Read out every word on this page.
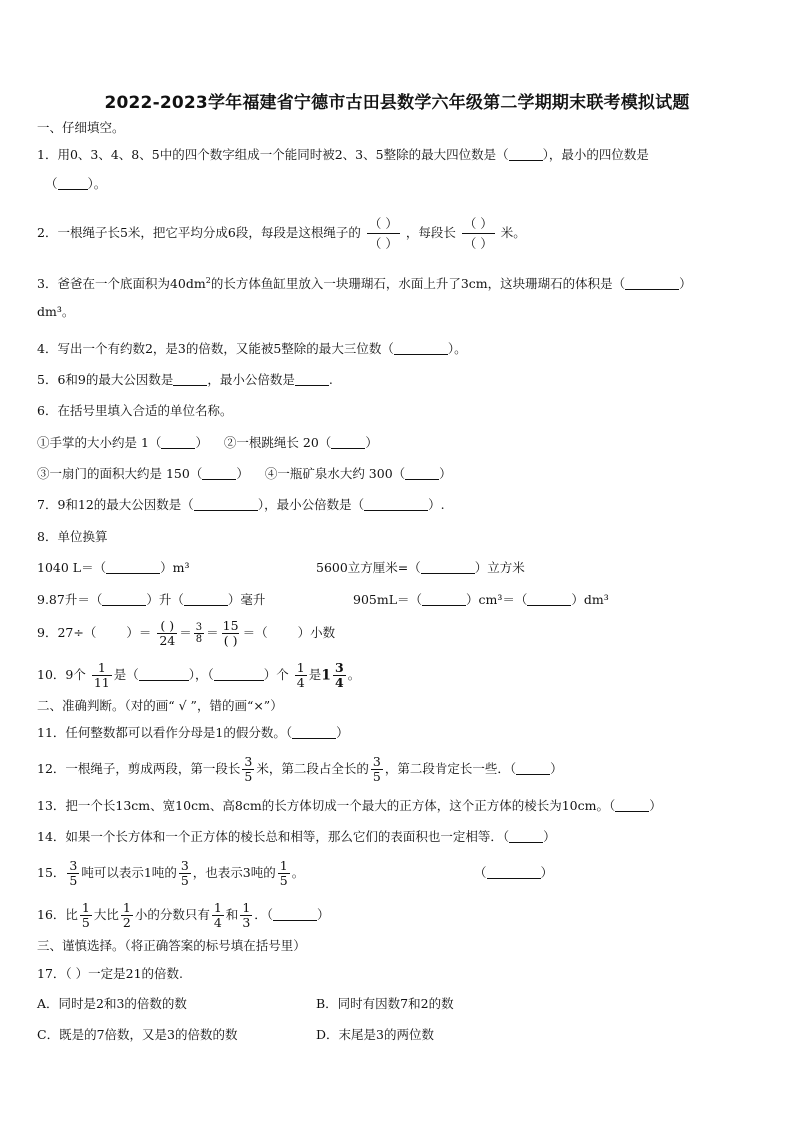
2022-2023学年福建省宁德市古田县数学六年级第二学期期末联考模拟试题
一、仔细填空。
1．用0、3、4、8、5中的四个数字组成一个能同时被2、3、5整除的最大四位数是（	），最小的四位数是
（ ）。
2．一根绳子长5米，把它平均分成6段，每段是这根绳子的 $\frac{( )}{( )}$ ，每段长 $\frac{( )}{( )}$ 米。
3．爸爸在一个底面积为$40dm^2$的长方体鱼缸里放入一块珊瑚石，水面上升了3cm，这块珊瑚石的体积是（	）
dm³。
4．写出一个有约数2，是3的倍数，又能被5整除的最大三位数（	）。
5．6和9的最大公因数是	，最小公倍数是	.
6．在括号里填入合适的单位名称。
①手掌的大小约是 1（	） ②一根跳绳长 20（	）
③一扇门的面积大约是 150（	） ④一瓶矿泉水大约 300（	）
7．9和12的最大公因数是（	），最小公倍数是（	）.
8．单位换算
1040 L＝（	）m³	5600立方厘米=（	）立方米
9.87升＝（	）升（	）毫升	905mL＝（	）cm³＝（	）dm³
9．27÷（ ）＝ $\frac{( )}{24} = \frac{3}{8} = \frac{15}{( )}$ ＝（ ）小数
10．9个 $\frac{1}{11}$ 是（	），（	）个 $\frac{1}{4}$ 是$1 \frac{3}{4}$ 。
二、准确判断。（对的画“ √ ”，错的画“×”）
11．任何整数都可以看作分母是1的假分数。（	）
12．一根绳子，剪成两段，第一段长 $\frac{3}{5}$ 米，第二段占全长的 $\frac{3}{5}$ ，第二段肯定长一些．（	）
13．把一个长13cm、宽10cm、高8cm的长方体切成一个最大的正方体，这个正方体的棱长为10cm。（	）
14．如果一个长方体和一个正方体的棱长总和相等，那么它们的表面积也一定相等．（	）
15． $\frac{3}{5}$ 吨可以表示1吨的 $\frac{3}{5}$ ，也表示3吨的 $\frac{1}{5}$ 。	（	）
16．比 $\frac{1}{5}$ 大比 $\frac{1}{2}$ 小的分数只有 $\frac{1}{4}$ 和 $\frac{1}{3}$ ．（	）
三、谨慎选择。（将正确答案的标号填在括号里）
17．（ ）一定是21的倍数.
A．同时是2和3的倍数的数	B．同时有因数7和2的数
C．既是的7倍数，又是3的倍数的数	D．末尾是3的两位数
